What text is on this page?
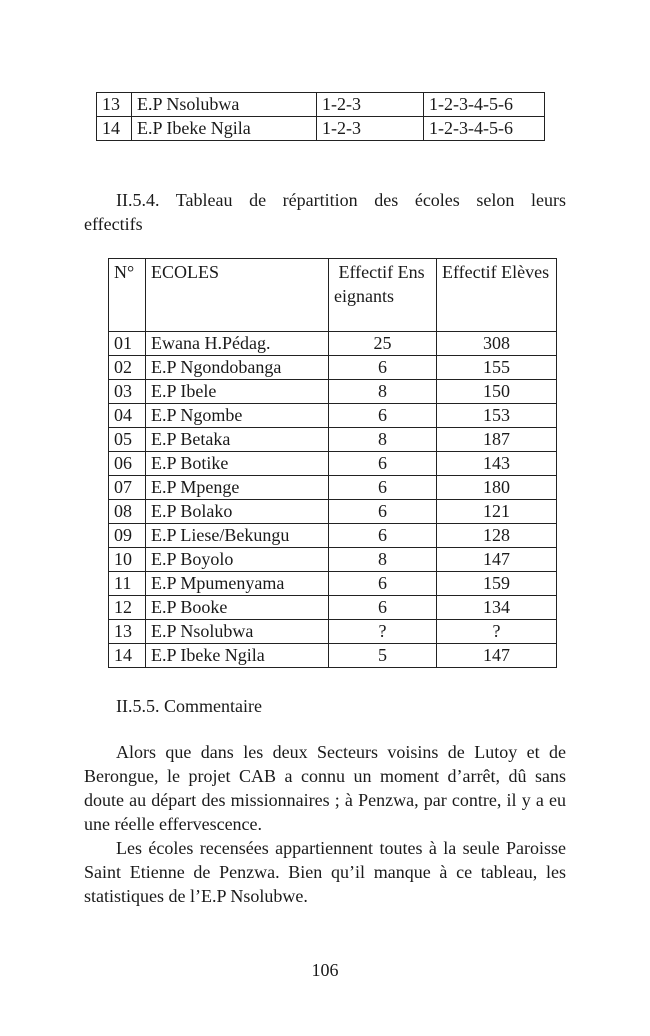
13	E.P Nsolubwa	1-2-3	1-2-3-4-5-6
14	E.P Ibeke Ngila	1-2-3	1-2-3-4-5-6
II.5.4. Tableau de répartition des écoles selon leurs
effectifs
N°	ECOLES	Effectif Enseignants	Effectif Elèves
01	Ewana H.Pédag.	25	308
02	E.P Ngondobanga	6	155
03	E.P Ibele	8	150
04	E.P Ngombe	6	153
05	E.P Betaka	8	187
06	E.P Botike	6	143
07	E.P Mpenge	6	180
08	E.P Bolako	6	121
09	E.P Liese/Bekungu	6	128
10	E.P Boyolo	8	147
11	E.P Mpumenyama	6	159
12	E.P Booke	6	134
13	E.P Nsolubwa	?	?
14	E.P Ibeke Ngila	5	147
II.5.5. Commentaire
Alors que dans les deux Secteurs voisins de Lutoy et de Berongue, le projet CAB a connu un moment d’arrêt, dû sans doute au départ des missionnaires ; à Penzwa, par contre, il y a eu une réelle effervescence.
Les écoles recensées appartiennent toutes à la seule Paroisse Saint Etienne de Penzwa. Bien qu’il manque à ce tableau, les statistiques de l’E.P Nsolubwe.
106
